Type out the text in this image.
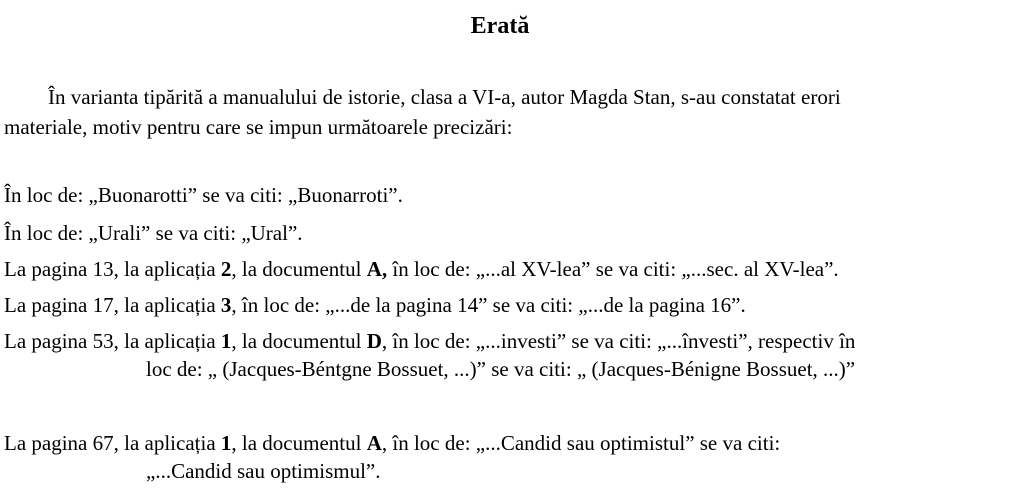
Erată
În varianta tipărită a manualului de istorie, clasa a VI-a, autor Magda Stan, s-au constatat erori
materiale, motiv pentru care se impun următoarele precizări:
În loc de: „Buonarotti” se va citi: „Buonarroti”.
În loc de: „Urali” se va citi: „Ural”.
La pagina 13, la aplicația 2, la documentul A, în loc de: „...al XV-lea” se va citi: „...sec. al XV-lea”.
La pagina 17, la aplicația 3, în loc de: „...de la pagina 14” se va citi: „...de la pagina 16”.
La pagina 53, la aplicația 1, la documentul D, în loc de: „...investi” se va citi: „...învesti”, respectiv în
loc de: „ (Jacques-Béntgne Bossuet, ...)” se va citi: „ (Jacques-Bénigne Bossuet, ...)”
La pagina 67, la aplicația 1, la documentul A, în loc de: „...Candid sau optimistul” se va citi:
„...Candid sau optimismul”.
